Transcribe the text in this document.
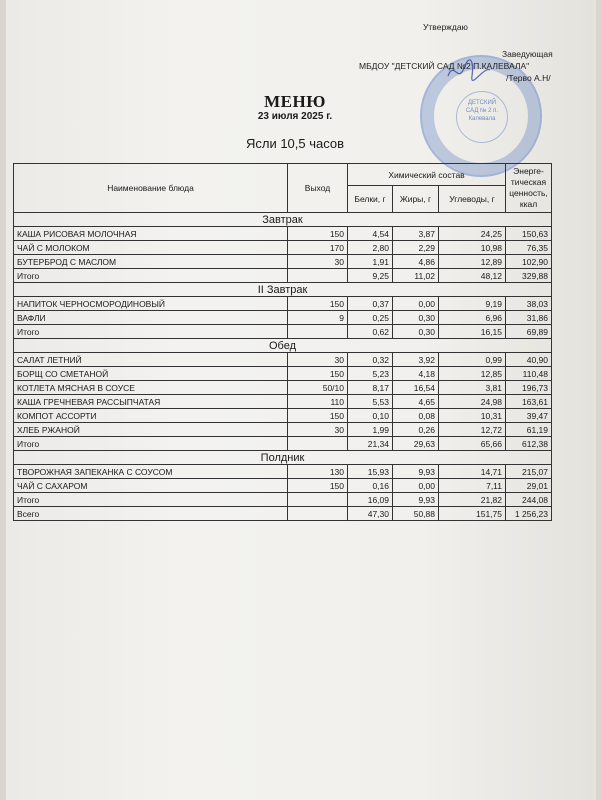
ДЕТСКИЙ САД № 2 п. Калевала
Утверждаю
Заведующая
МБДОУ "ДЕТСКИЙ САД №2 П.КАЛЕВАЛА"
/Терво А.Н/
МЕНЮ
23 июля 2025 г.
Ясли 10,5 часов
Наименование блюда	Выход	Химический состав			Энерге-тическая ценность, ккал
		Белки, г	Жиры, г	Углеводы, г	
Завтрак					
КАША РИСОВАЯ МОЛОЧНАЯ	150	4,54	3,87	24,25	150,63
ЧАЙ С МОЛОКОМ	170	2,80	2,29	10,98	76,35
БУТЕРБРОД С МАСЛОМ	30	1,91	4,86	12,89	102,90
Итого		9,25	11,02	48,12	329,88
II Завтрак					
НАПИТОК ЧЕРНОСМОРОДИНОВЫЙ	150	0,37	0,00	9,19	38,03
ВАФЛИ	9	0,25	0,30	6,96	31,86
Итого		0,62	0,30	16,15	69,89
Обед					
САЛАТ ЛЕТНИЙ	30	0,32	3,92	0,99	40,90
БОРЩ СО СМЕТАНОЙ	150	5,23	4,18	12,85	110,48
КОТЛЕТА МЯСНАЯ В СОУСЕ	50/10	8,17	16,54	3,81	196,73
КАША ГРЕЧНЕВАЯ РАССЫПЧАТАЯ	110	5,53	4,65	24,98	163,61
КОМПОТ АССОРТИ	150	0,10	0,08	10,31	39,47
ХЛЕБ РЖАНОЙ	30	1,99	0,26	12,72	61,19
Итого		21,34	29,63	65,66	612,38
Полдник					
ТВОРОЖНАЯ ЗАПЕКАНКА С СОУСОМ	130	15,93	9,93	14,71	215,07
ЧАЙ С САХАРОМ	150	0,16	0,00	7,11	29,01
Итого		16,09	9,93	21,82	244,08
Всего		47,30	50,88	151,75	1 256,23
